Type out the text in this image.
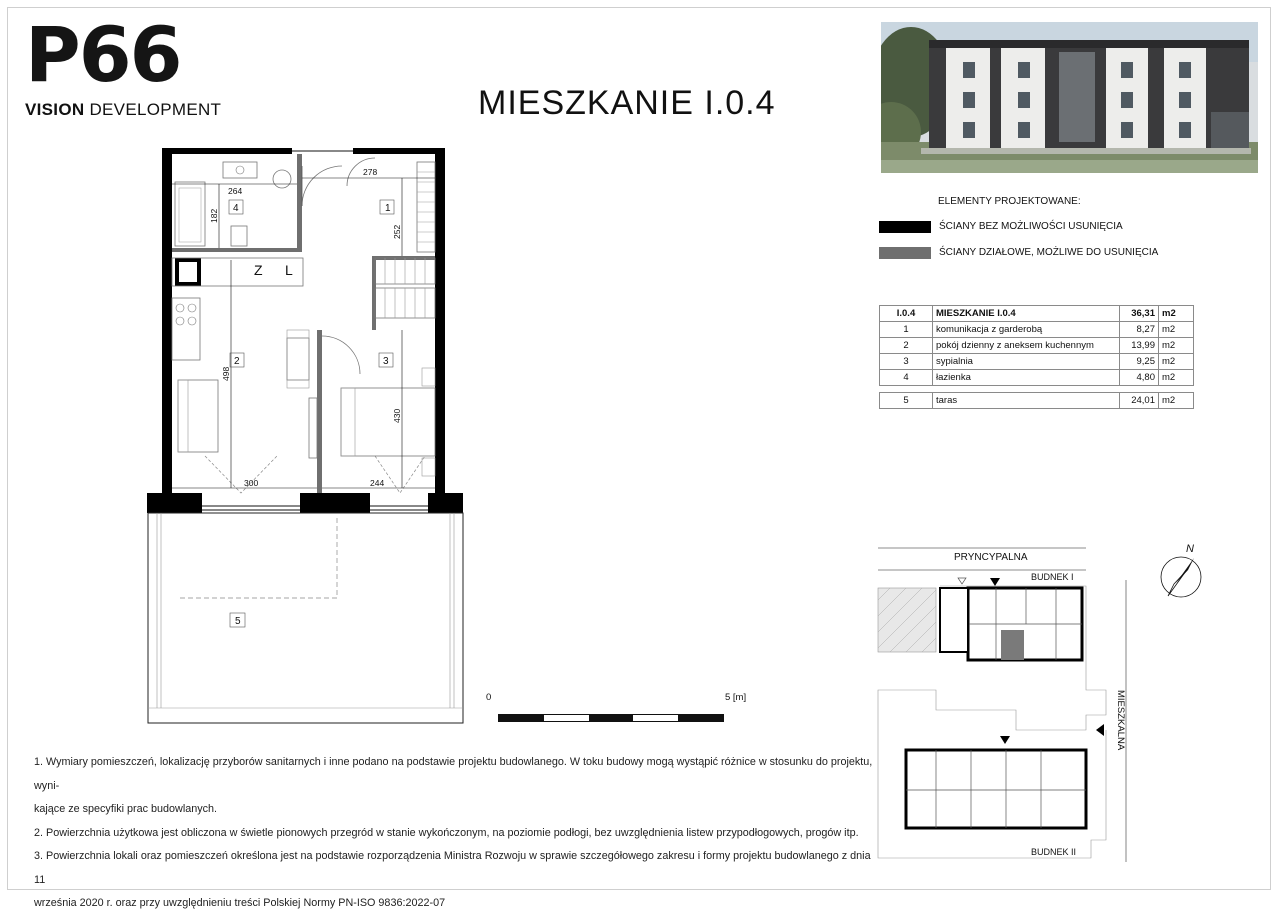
P66
VISION DEVELOPMENT	MIESZKANIE I.0.4
ELEMENTY PROJEKTOWANE:
ŚCIANY BEZ MOŻLIWOŚCI USUNIĘCIA
ŚCIANY DZIAŁOWE, MOŻLIWE DO USUNIĘCIA
I.0.4	MIESZKANIE I.0.4	36,31	m2
1	komunikacja z garderobą	8,27	m2
2	pokój dzienny z aneksem kuchennym	13,99	m2
3	sypialnia	9,25	m2
4	łazienka	4,80	m2

5	taras	24,01	m2
1
4
2	3
5
Z L
264
182
278
252
498
430
300	244
0	5 [m]

1. Wymiary pomieszczeń, lokalizację przyborów sanitarnych i inne podano na podstawie projektu budowlanego. W toku budowy mogą wystąpić różnice w stosunku do projektu, wyni-

kające ze specyfiki prac budowlanych.

2. Powierzchnia użytkowa jest obliczona w świetle pionowych przegród w stanie wykończonym, na poziomie podłogi, bez uwzględnienia listew przypodłogowych, progów itp.

3. Powierzchnia lokali oraz pomieszczeń określona jest na podstawie rozporządzenia Ministra Rozwoju w sprawie szczegółowego zakresu i formy projektu budowlanego z dnia 11

września 2020 r. oraz przy uwzględnieniu treści Polskiej Normy PN-ISO 9836:2022-07

PRYNCYPALNA
MIESZKALNA
BUDNEK I
BUDNEK II
N
